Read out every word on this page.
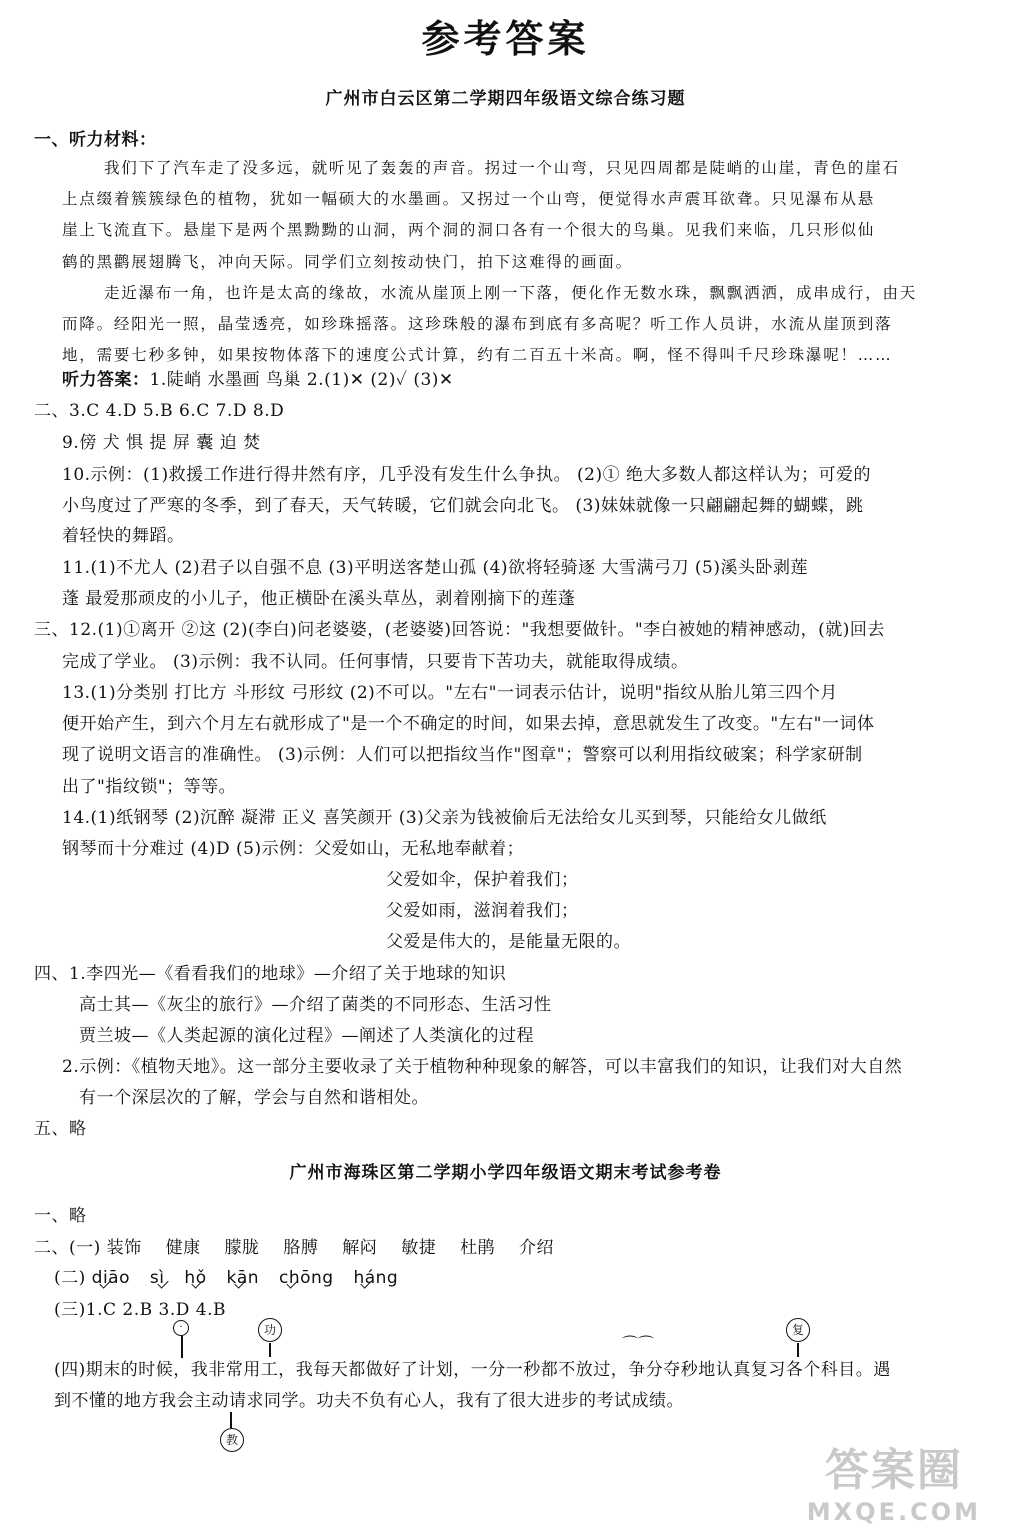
参考答案
广州市白云区第二学期四年级语文综合练习题
一、听力材料：
我们下了汽车走了没多远，就听见了轰轰的声音。拐过一个山弯，只见四周都是陡峭的山崖，青色的崖石
上点缀着簇簇绿色的植物，犹如一幅硕大的水墨画。又拐过一个山弯，便觉得水声震耳欲聋。只见瀑布从悬
崖上飞流直下。悬崖下是两个黑黝黝的山洞，两个洞的洞口各有一个很大的鸟巢。见我们来临，几只形似仙
鹤的黑鹳展翅腾飞，冲向天际。同学们立刻按动快门，拍下这难得的画面。
走近瀑布一角，也许是太高的缘故，水流从崖顶上刚一下落，便化作无数水珠，飘飘洒洒，成串成行，由天
而降。经阳光一照，晶莹透亮，如珍珠摇落。这珍珠般的瀑布到底有多高呢？听工作人员讲，水流从崖顶到落
地，需要七秒多钟，如果按物体落下的速度公式计算，约有二百五十米高。啊，怪不得叫千尺珍珠瀑呢！……
听力答案：1.陡峭 水墨画 鸟巢 2.(1)✕ (2)✓ (3)✕
二、3.C 4.D 5.B 6.C 7.D 8.D
9.傍 犬 惧 提 屏 囊 迫 焚
10.示例：(1)救援工作进行得井然有序，几乎没有发生什么争执。 (2)① 绝大多数人都这样认为；可爱的
小鸟度过了严寒的冬季，到了春天，天气转暖，它们就会向北飞。 (3)妹妹就像一只翩翩起舞的蝴蝶，跳
着轻快的舞蹈。
11.(1)不尤人 (2)君子以自强不息 (3)平明送客楚山孤 (4)欲将轻骑逐 大雪满弓刀 (5)溪头卧剥莲
蓬 最爱那顽皮的小儿子，他正横卧在溪头草丛，剥着刚摘下的莲蓬
三、12.(1)①离开 ②这 (2)(李白)问老婆婆，(老婆婆)回答说："我想要做针。"李白被她的精神感动，(就)回去
完成了学业。 (3)示例：我不认同。任何事情，只要肯下苦功夫，就能取得成绩。
13.(1)分类别 打比方 斗形纹 弓形纹 (2)不可以。"左右"一词表示估计，说明"指纹从胎儿第三四个月
便开始产生，到六个月左右就形成了"是一个不确定的时间，如果去掉，意思就发生了改变。"左右"一词体
现了说明文语言的准确性。 (3)示例：人们可以把指纹当作"图章"；警察可以利用指纹破案；科学家研制
出了"指纹锁"；等等。
14.(1)纸钢琴 (2)沉醉 凝滞 正义 喜笑颜开 (3)父亲为钱被偷后无法给女儿买到琴，只能给女儿做纸
钢琴而十分难过 (4)D (5)示例：父爱如山，无私地奉献着；
父爱如伞，保护着我们；
父爱如雨，滋润着我们；
父爱是伟大的，是能量无限的。
四、1.李四光—《看看我们的地球》—介绍了关于地球的知识
高士其—《灰尘的旅行》—介绍了菌类的不同形态、生活习性
贾兰坡—《人类起源的演化过程》—阐述了人类演化的过程
2.示例：《植物天地》。这一部分主要收录了关于植物种种现象的解答，可以丰富我们的知识，让我们对大自然
有一个深层次的了解，学会与自然和谐相处。
五、略
广州市海珠区第二学期小学四年级语文期末考试参考卷
一、略
二、(一) 装饰 健康 朦胧 胳膊 解闷 敏捷 杜鹃 介绍
(二) diāo sì hǒ kān chōng háng
(三)1.C 2.B 3.D 4.B
·	功	复
⌒⌒
(四)期末的时候，我非常用工，我每天都做好了计划，一分一秒都不放过，争分夺秒地认真复习各个科目。遇
到不懂的地方我会主动请求同学。功夫不负有心人，我有了很大进步的考试成绩。
教
答案圈
MXQE.COM
